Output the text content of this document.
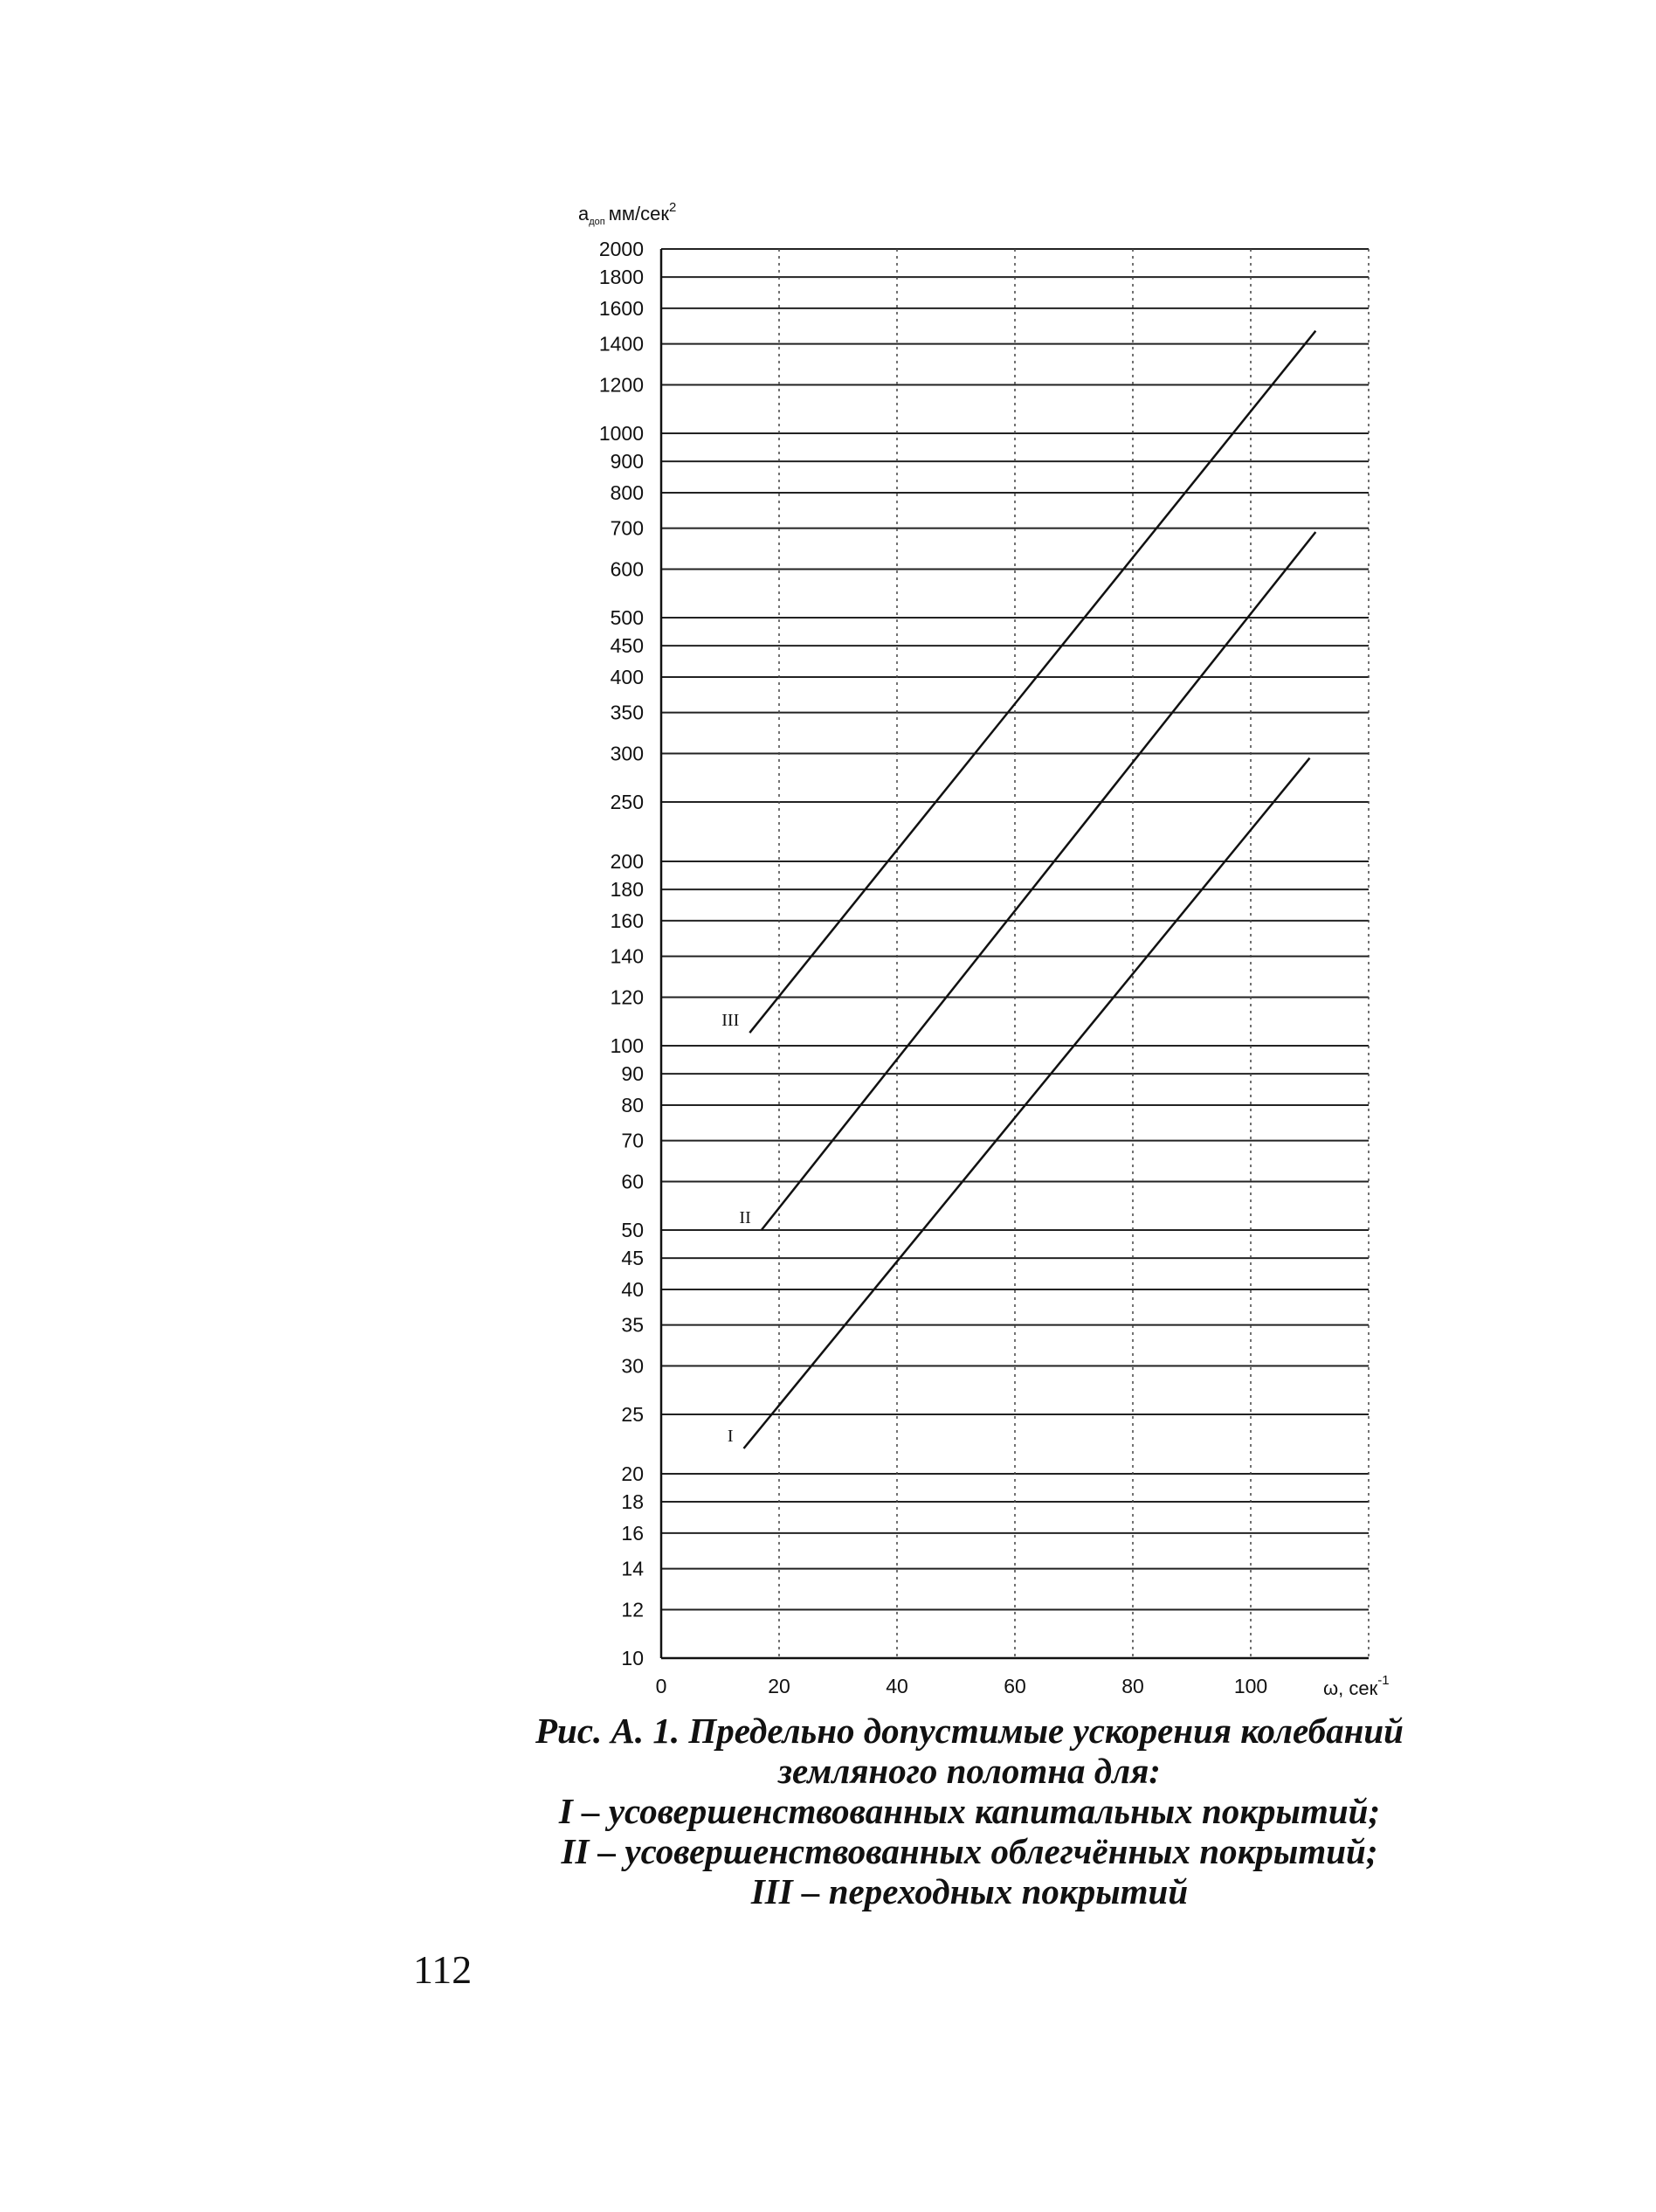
10
12
14
16
18
20
25
30
35
40
45
50
60
70
80
90
100
120
140
160
180
200
250
300
350
400
450
500
600
700
800
900
1000
1200
1400
1600
1800
2000
0	20	40	60	80	100
I
II
III
$a_{доп}$ мм/сек$^2$
ω, сек$^{-1}$
Рис. А. 1. Предельно допустимые ускорения колебаний
земляного полотна для:
I – усовершенствованных капитальных покрытий;
II – усовершенствованных облегчённых покрытий;
III – переходных покрытий
112
